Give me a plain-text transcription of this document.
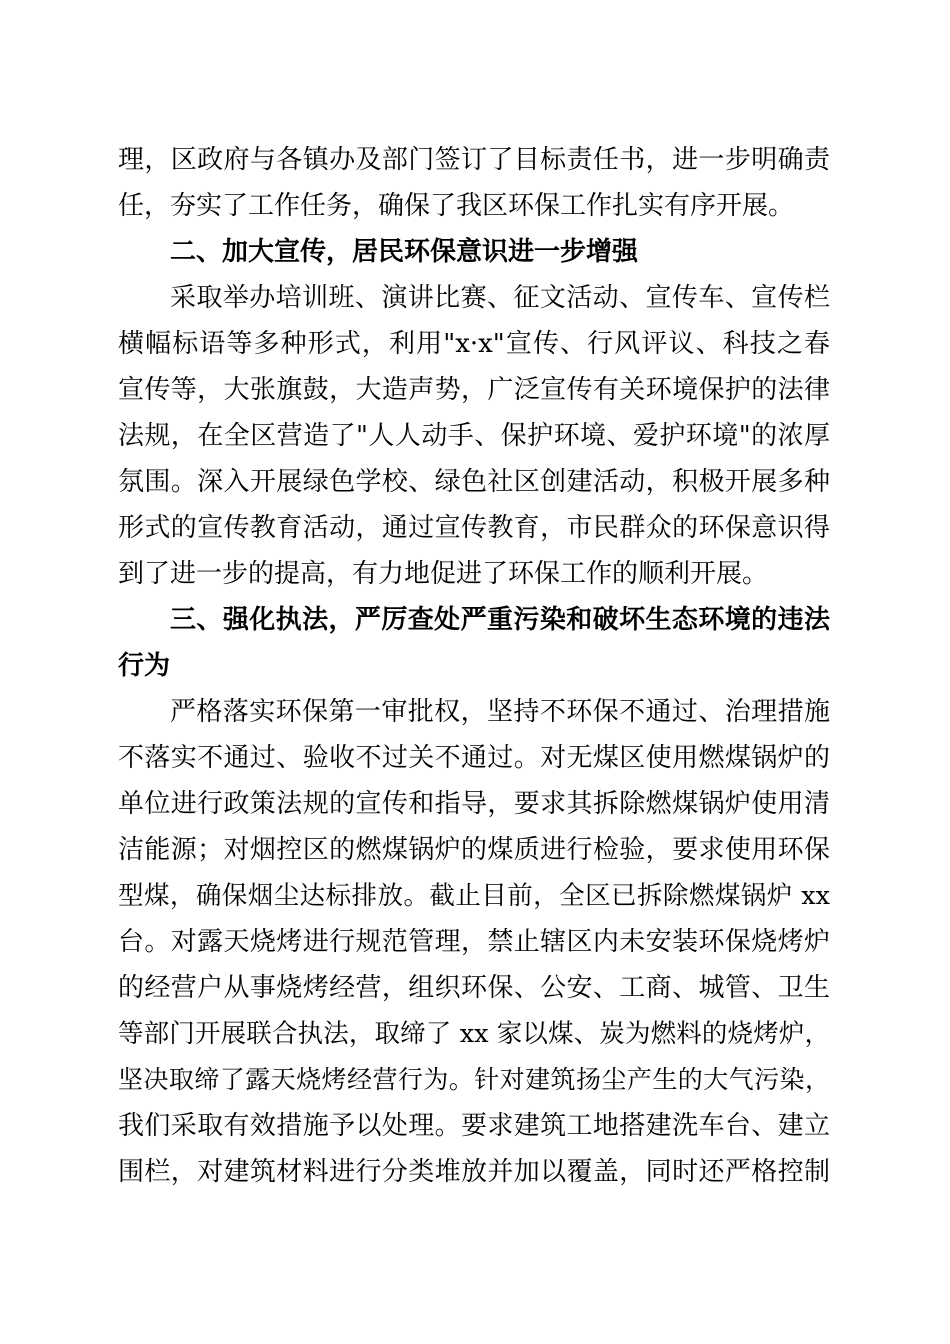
理，区政府与各镇办及部门签订了目标责任书，进一步明确责
任，夯实了工作任务，确保了我区环保工作扎实有序开展。
二、加大宣传，居民环保意识进一步增强
采取举办培训班、演讲比赛、征文活动、宣传车、宣传栏
横幅标语等多种形式，利用"x·x"宣传、行风评议、科技之春
宣传等，大张旗鼓，大造声势，广泛宣传有关环境保护的法律
法规，在全区营造了"人人动手、保护环境、爱护环境"的浓厚
氛围。深入开展绿色学校、绿色社区创建活动，积极开展多种
形式的宣传教育活动，通过宣传教育，市民群众的环保意识得
到了进一步的提高，有力地促进了环保工作的顺利开展。
三、强化执法，严厉查处严重污染和破坏生态环境的违法
行为
严格落实环保第一审批权，坚持不环保不通过、治理措施
不落实不通过、验收不过关不通过。对无煤区使用燃煤锅炉的
单位进行政策法规的宣传和指导，要求其拆除燃煤锅炉使用清
洁能源；对烟控区的燃煤锅炉的煤质进行检验，要求使用环保
型煤，确保烟尘达标排放。截止目前，全区已拆除燃煤锅炉 xx
台。对露天烧烤进行规范管理，禁止辖区内未安装环保烧烤炉
的经营户从事烧烤经营，组织环保、公安、工商、城管、卫生
等部门开展联合执法，取缔了 xx 家以煤、炭为燃料的烧烤炉，
坚决取缔了露天烧烤经营行为。针对建筑扬尘产生的大气污染，
我们采取有效措施予以处理。要求建筑工地搭建洗车台、建立
围栏，对建筑材料进行分类堆放并加以覆盖，同时还严格控制
